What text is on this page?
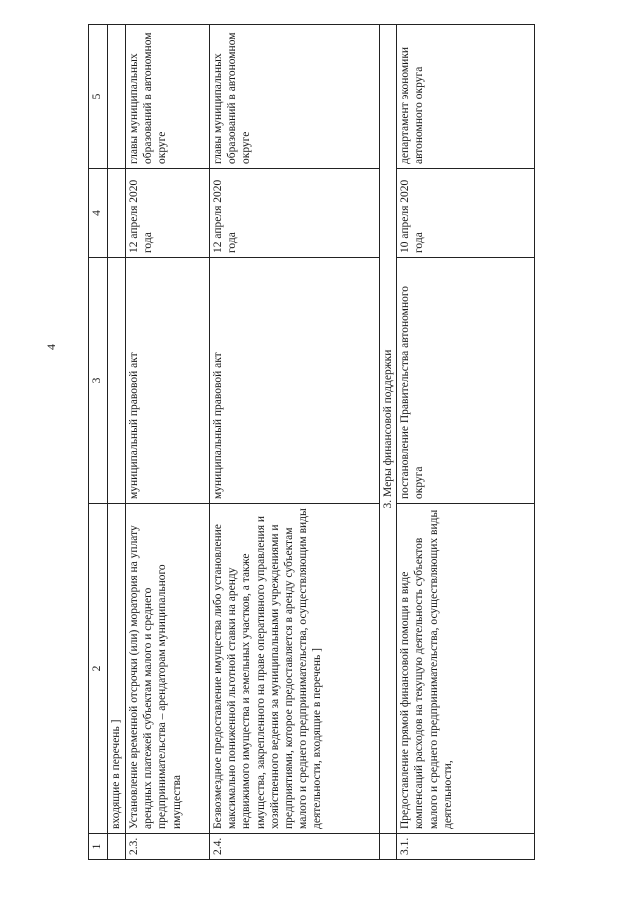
4
1	2	3	4	5
	входящие в перечень ]			
2.3.	Установление временной отсрочки (или) моратория на уплату арендных платежей субъектам малого и среднего предпринимательства – арендаторам муниципального имущества	муниципальный правовой акт	12 апреля 2020 года	главы муниципальных образований в автономном округе
2.4.	Безвозмездное предоставление имущества либо установление максимально пониженной льготной ставки на аренду недвижимого имущества и земельных участков, а также имущества, закрепленного на праве оперативного управления и хозяйственного ведения за муниципальными учреждениями и предприятиями, которое предоставляется в аренду субъектам малого и среднего предпринимательства, осуществляющим виды деятельности, входящие в перечень ]	муниципальный правовой акт	12 апреля 2020 года	главы муниципальных образований в автономном округе
	3. Меры финансовой поддержки			
3.1.	Предоставление прямой финансовой помощи в виде компенсаций расходов на текущую деятельность субъектов малого и среднего предпринимательства, осуществляющих виды деятельности,	постановление Правительства автономного округа	10 апреля 2020 года	департамент экономики автономного округа
